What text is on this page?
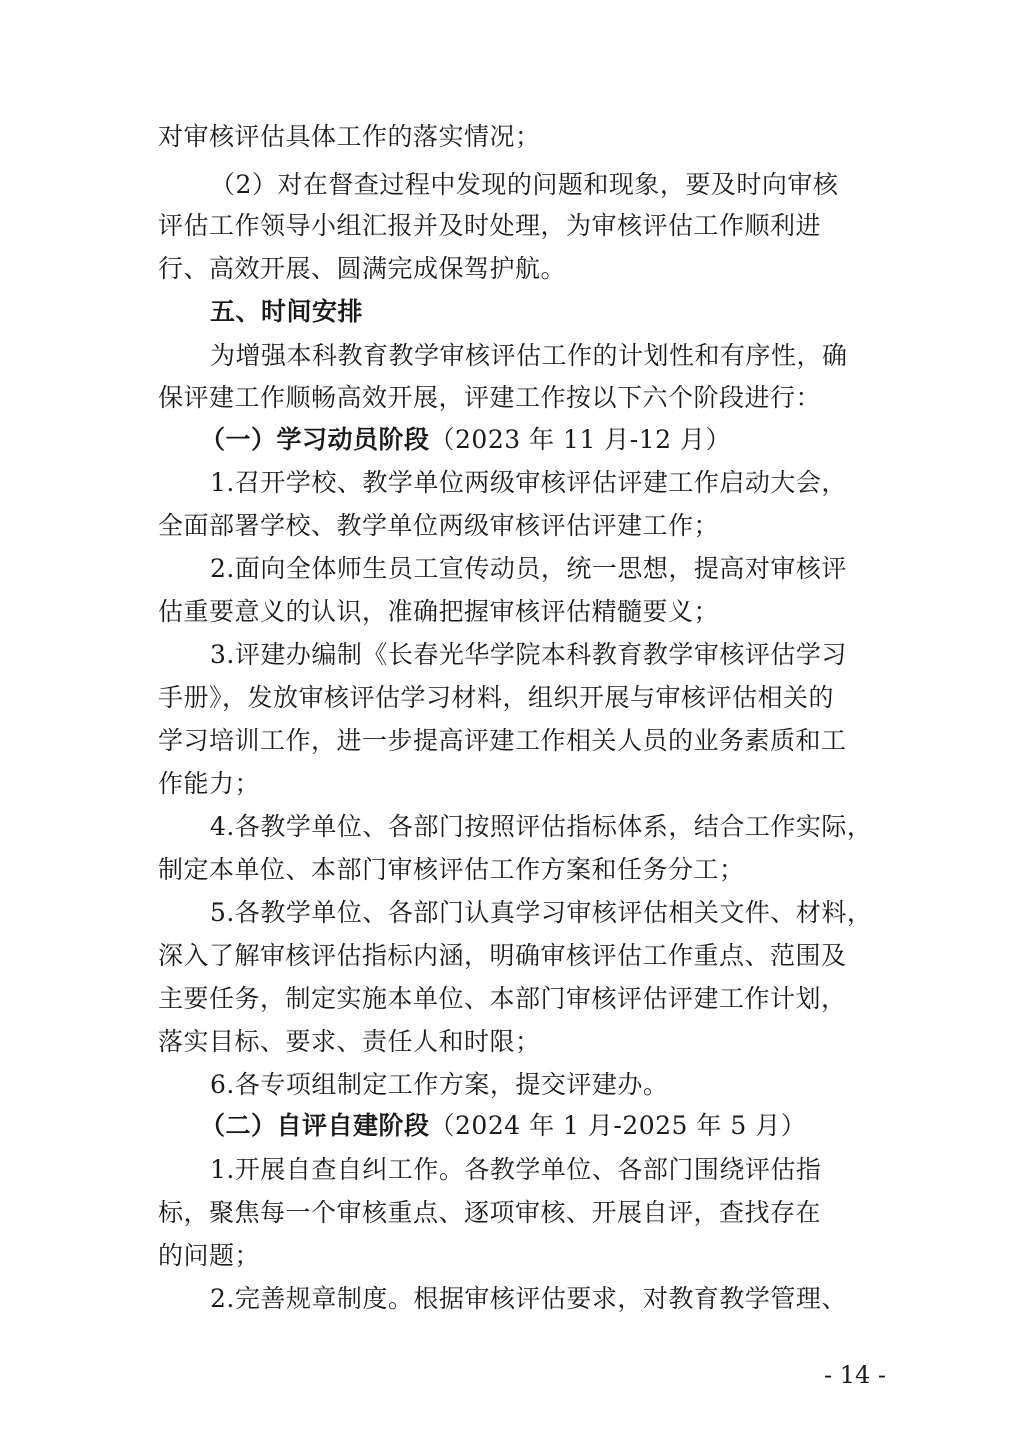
对审核评估具体工作的落实情况；
（2）对在督查过程中发现的问题和现象，要及时向审核
评估工作领导小组汇报并及时处理，为审核评估工作顺利进
行、高效开展、圆满完成保驾护航。
五、时间安排
为增强本科教育教学审核评估工作的计划性和有序性，确
保评建工作顺畅高效开展，评建工作按以下六个阶段进行：
（一）学习动员阶段（2023 年 11 月-12 月）
1.召开学校、教学单位两级审核评估评建工作启动大会，
全面部署学校、教学单位两级审核评估评建工作；
2.面向全体师生员工宣传动员，统一思想，提高对审核评
估重要意义的认识，准确把握审核评估精髓要义；
3.评建办编制《长春光华学院本科教育教学审核评估学习
手册》，发放审核评估学习材料，组织开展与审核评估相关的
学习培训工作，进一步提高评建工作相关人员的业务素质和工
作能力；
4.各教学单位、各部门按照评估指标体系，结合工作实际，
制定本单位、本部门审核评估工作方案和任务分工；
5.各教学单位、各部门认真学习审核评估相关文件、材料，
深入了解审核评估指标内涵，明确审核评估工作重点、范围及
主要任务，制定实施本单位、本部门审核评估评建工作计划，
落实目标、要求、责任人和时限；
6.各专项组制定工作方案，提交评建办。
（二）自评自建阶段（2024 年 1 月-2025 年 5 月）
1.开展自查自纠工作。各教学单位、各部门围绕评估指
标，聚焦每一个审核重点、逐项审核、开展自评，查找存在
的问题；
2.完善规章制度。根据审核评估要求，对教育教学管理、
- 14 -
